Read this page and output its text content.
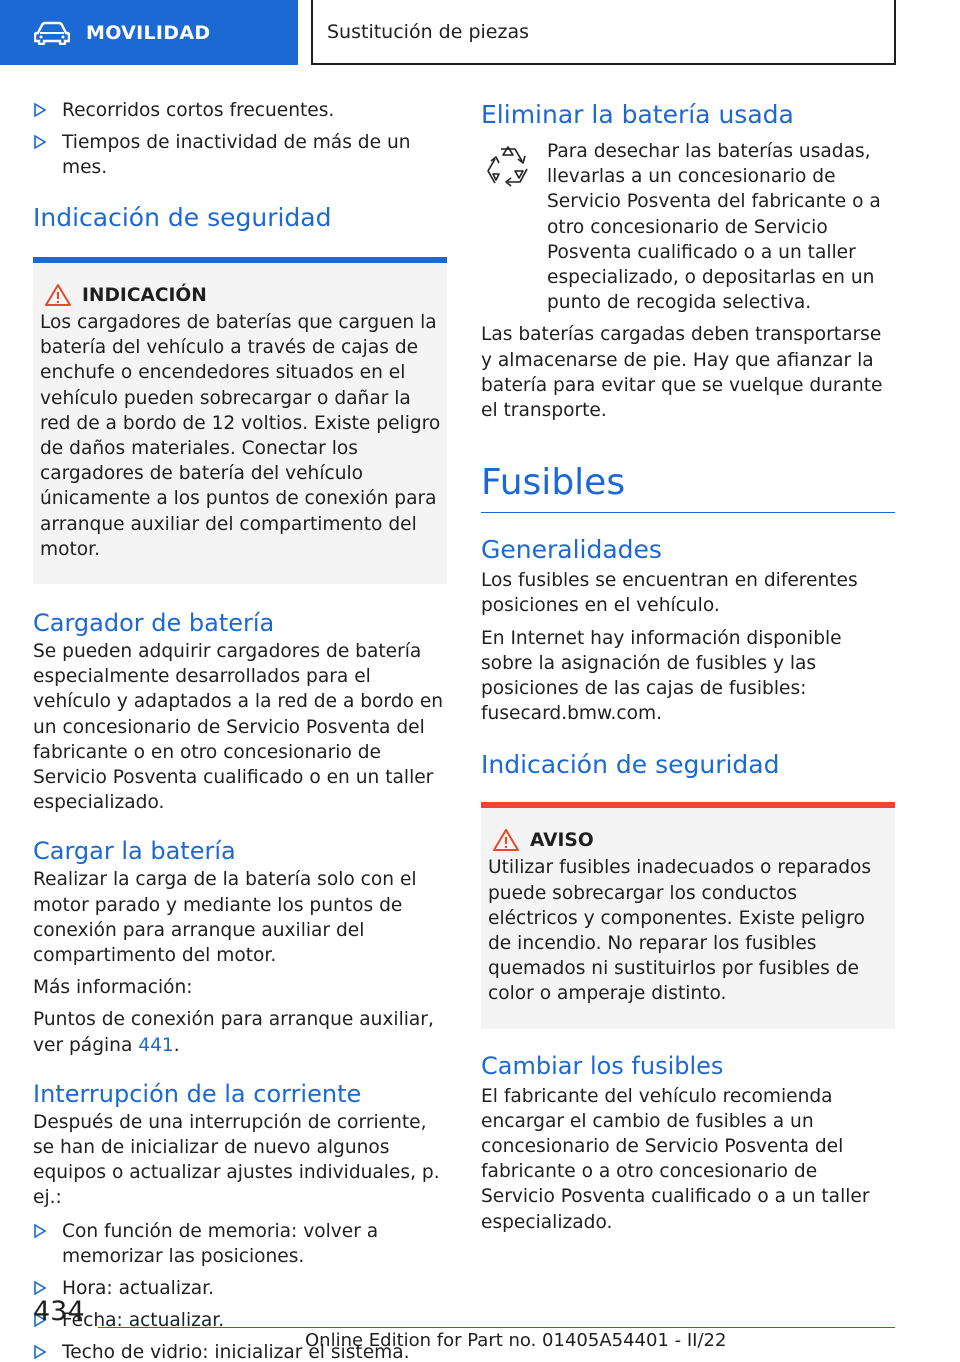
MOVILIDAD	Sustitución de piezas
Recorridos cortos frecuentes.
Tiempos de inactividad de más de un mes.
Indicación de seguridad
INDICACIÓN

Los cargadores de baterías que carguen la batería del vehículo a través de cajas de enchufe o encendedores situados en el vehículo pueden sobrecargar o dañar la red de a bordo de 12 voltios. Existe peligro de daños materiales. Conectar los cargadores de batería del vehículo únicamente a los puntos de conexión para arranque auxiliar del compartimento del motor.

Cargador de batería

Se pueden adquirir cargadores de batería especialmente desarrollados para el vehículo y adaptados a la red de a bordo en un concesionario de Servicio Posventa del fabricante o en otro concesionario de Servicio Posventa cualificado o en un taller especializado.

Cargar la batería

Realizar la carga de la batería solo con el motor parado y mediante los puntos de conexión para arranque auxiliar del compartimento del motor.

Más información:

Puntos de conexión para arranque auxiliar, ver página 441.

Interrupción de la corriente

Después de una interrupción de corriente, se han de inicializar de nuevo algunos equipos o actualizar ajustes individuales, p. ej.:

Con función de memoria: volver a memorizar las posiciones.
Hora: actualizar.
Fecha: actualizar.
Techo de vidrio: inicializar el sistema.
Eliminar la batería usada

Para desechar las baterías usadas, llevarlas a un concesionario de Servicio Posventa del fabricante o a otro concesionario de Servicio Posventa cualificado o a un taller especializado, o depositarlas en un punto de recogida selectiva.

Las baterías cargadas deben transportarse y almacenarse de pie. Hay que afianzar la batería para evitar que se vuelque durante el transporte.

Fusibles
Generalidades

Los fusibles se encuentran en diferentes posiciones en el vehículo.

En Internet hay información disponible sobre la asignación de fusibles y las posiciones de las cajas de fusibles: fusecard.bmw.com.

Indicación de seguridad
AVISO

Utilizar fusibles inadecuados o reparados puede sobrecargar los conductos eléctricos y componentes. Existe peligro de incendio. No reparar los fusibles quemados ni sustituirlos por fusibles de color o amperaje distinto.

Cambiar los fusibles

El fabricante del vehículo recomienda encargar el cambio de fusibles a un concesionario de Servicio Posventa del fabricante o a otro concesionario de Servicio Posventa cualificado o a un taller especializado.

434
Online Edition for Part no. 01405A54401 - II/22
